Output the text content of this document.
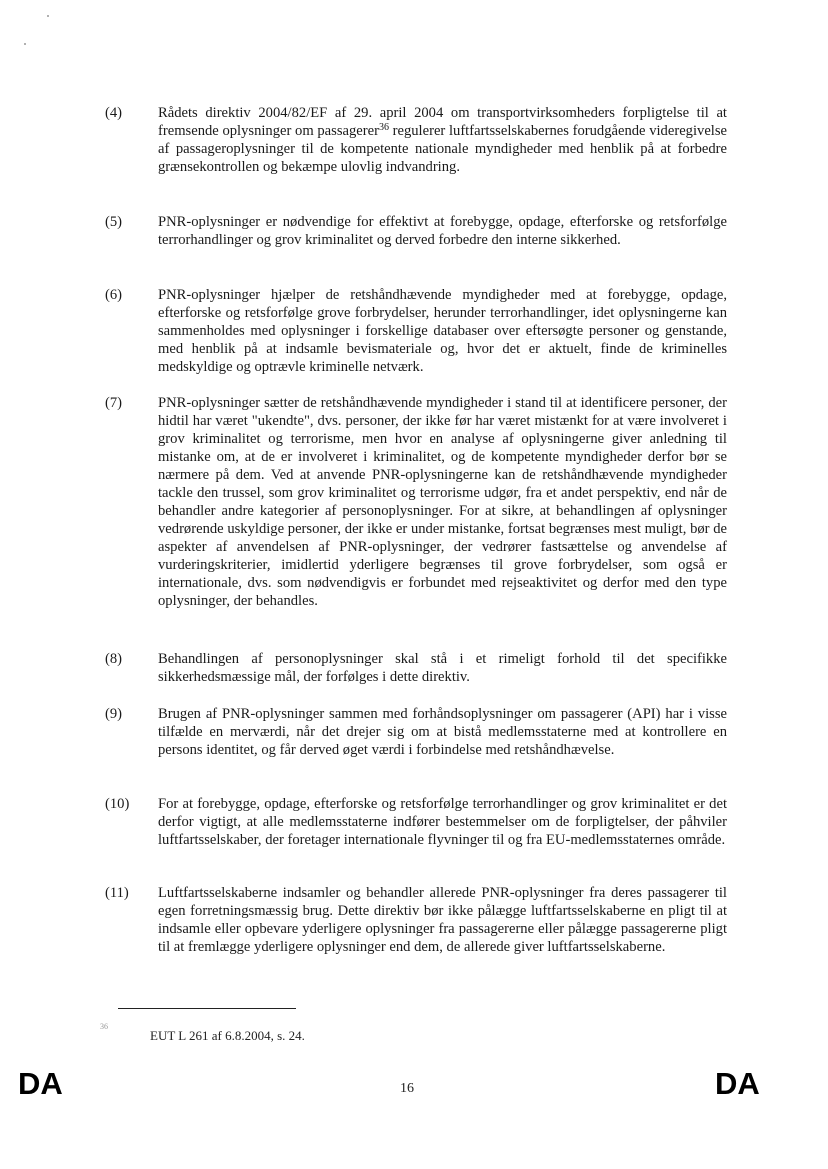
(4) Rådets direktiv 2004/82/EF af 29. april 2004 om transportvirksomheders forpligtelse til at fremsende oplysninger om passagerer$^{36}$ regulerer luftfartsselskabernes forudgående videregivelse af passageroplysninger til de kompetente nationale myndigheder med henblik på at forbedre grænsekontrollen og bekæmpe ulovlig indvandring.
(5) PNR-oplysninger er nødvendige for effektivt at forebygge, opdage, efterforske og retsforfølge terrorhandlinger og grov kriminalitet og derved forbedre den interne sikkerhed.
(6) PNR-oplysninger hjælper de retshåndhævende myndigheder med at forebygge, opdage, efterforske og retsforfølge grove forbrydelser, herunder terrorhandlinger, idet oplysningerne kan sammenholdes med oplysninger i forskellige databaser over eftersøgte personer og genstande, med henblik på at indsamle bevismateriale og, hvor det er aktuelt, finde de kriminelles medskyldige og optrævle kriminelle netværk.
(7) PNR-oplysninger sætter de retshåndhævende myndigheder i stand til at identificere personer, der hidtil har været "ukendte", dvs. personer, der ikke før har været mistænkt for at være involveret i grov kriminalitet og terrorisme, men hvor en analyse af oplysningerne giver anledning til mistanke om, at de er involveret i kriminalitet, og de kompetente myndigheder derfor bør se nærmere på dem. Ved at anvende PNR-oplysningerne kan de retshåndhævende myndigheder tackle den trussel, som grov kriminalitet og terrorisme udgør, fra et andet perspektiv, end når de behandler andre kategorier af personoplysninger. For at sikre, at behandlingen af oplysninger vedrørende uskyldige personer, der ikke er under mistanke, fortsat begrænses mest muligt, bør de aspekter af anvendelsen af PNR-oplysninger, der vedrører fastsættelse og anvendelse af vurderingskriterier, imidlertid yderligere begrænses til grove forbrydelser, som også er internationale, dvs. som nødvendigvis er forbundet med rejseaktivitet og derfor med den type oplysninger, der behandles.
(8) Behandlingen af personoplysninger skal stå i et rimeligt forhold til det specifikke sikkerhedsmæssige mål, der forfølges i dette direktiv.
(9) Brugen af PNR-oplysninger sammen med forhåndsoplysninger om passagerer (API) har i visse tilfælde en merværdi, når det drejer sig om at bistå medlemsstaterne med at kontrollere en persons identitet, og får derved øget værdi i forbindelse med retshåndhævelse.
(10) For at forebygge, opdage, efterforske og retsforfølge terrorhandlinger og grov kriminalitet er det derfor vigtigt, at alle medlemsstaterne indfører bestemmelser om de forpligtelser, der påhviler luftfartsselskaber, der foretager internationale flyvninger til og fra EU-medlemsstaternes område.
(11) Luftfartsselskaberne indsamler og behandler allerede PNR-oplysninger fra deres passagerer til egen forretningsmæssig brug. Dette direktiv bør ikke pålægge luftfartsselskaberne en pligt til at indsamle eller opbevare yderligere oplysninger fra passagererne eller pålægge passagererne pligt til at fremlægge yderligere oplysninger end dem, de allerede giver luftfartsselskaberne.
36
EUT L 261 af 6.8.2004, s. 24.
DA	16	DA
